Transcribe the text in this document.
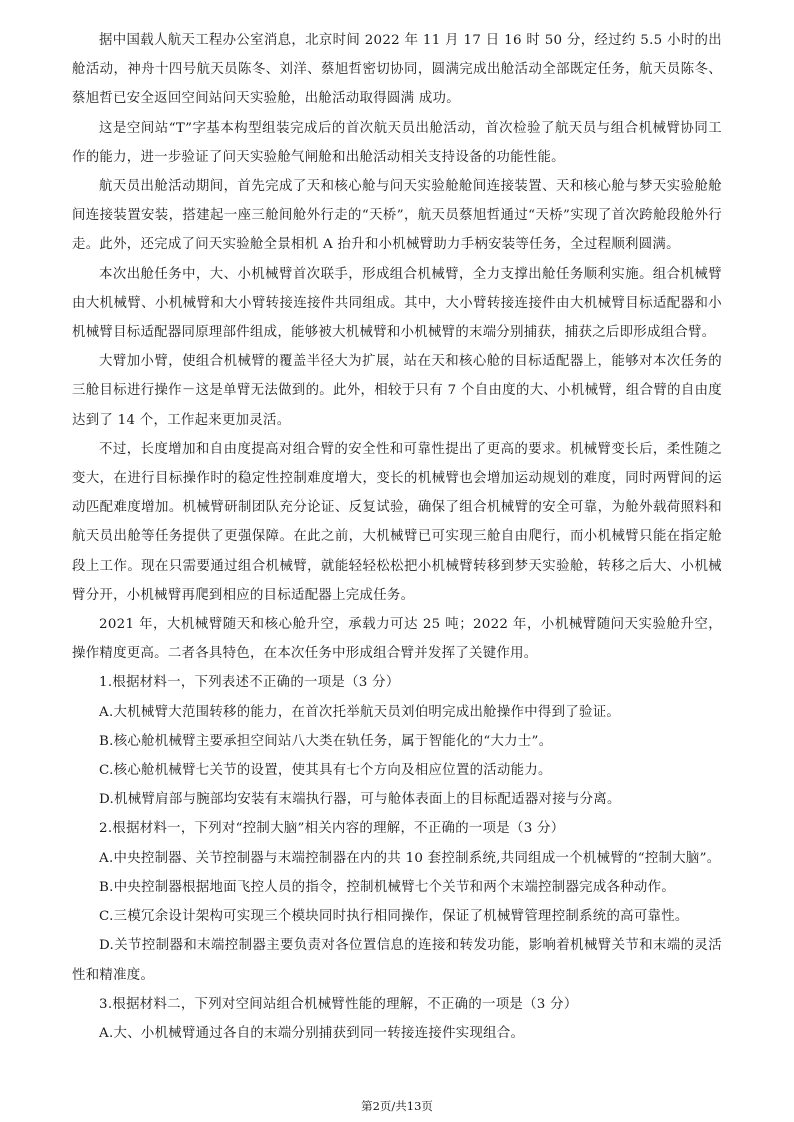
据中国载人航天工程办公室消息，北京时间 2022 年 11 月 17 日 16 时 50 分，经过约 5.5 小时的出舱活动，神舟十四号航天员陈冬、刘洋、蔡旭哲密切协同，圆满完成出舱活动全部既定任务，航天员陈冬、蔡旭哲已安全返回空间站问天实验舱，出舱活动取得圆满 成功。

这是空间站“T”字基本构型组装完成后的首次航天员出舱活动，首次检验了航天员与组合机械臂协同工作的能力，进一步验证了问天实验舱气闸舱和出舱活动相关支持设备的功能性能。

航天员出舱活动期间，首先完成了天和核心舱与问天实验舱舱间连接装置、天和核心舱与梦天实验舱舱间连接装置安装，搭建起一座三舱间舱外行走的“天桥”，航天员蔡旭哲通过“天桥”实现了首次跨舱段舱外行走。此外，还完成了问天实验舱全景相机 A 抬升和小机械臂助力手柄安装等任务，全过程顺利圆满。

本次出舱任务中，大、小机械臂首次联手，形成组合机械臂，全力支撑出舱任务顺利实施。组合机械臂由大机械臂、小机械臂和大小臂转接连接件共同组成。其中，大小臂转接连接件由大机械臂目标适配器和小机械臂目标适配器同原理部件组成，能够被大机械臂和小机械臂的末端分别捕获，捕获之后即形成组合臂。

大臂加小臂，使组合机械臂的覆盖半径大为扩展，站在天和核心舱的目标适配器上，能够对本次任务的三舱目标进行操作－这是单臂无法做到的。此外，相较于只有 7 个自由度的大、小机械臂，组合臂的自由度达到了 14 个，工作起来更加灵活。

不过，长度增加和自由度提高对组合臂的安全性和可靠性提出了更高的要求。机械臂变长后，柔性随之变大，在进行目标操作时的稳定性控制难度增大，变长的机械臂也会增加运动规划的难度，同时两臂间的运动匹配难度增加。机械臂研制团队充分论证、反复试验，确保了组合机械臂的安全可靠，为舱外载荷照料和航天员出舱等任务提供了更强保障。在此之前，大机械臂已可实现三舱自由爬行，而小机械臂只能在指定舱段上工作。现在只需要通过组合机械臂，就能轻轻松松把小机械臂转移到梦天实验舱，转移之后大、小机械臂分开，小机械臂再爬到相应的目标适配器上完成任务。

2021 年，大机械臂随天和核心舱升空，承载力可达 25 吨；2022 年，小机械臂随问天实验舱升空，操作精度更高。二者各具特色，在本次任务中形成组合臂并发挥了关键作用。

1.根据材料一，下列表述不正确的一项是（3 分）

A.大机械臂大范围转移的能力，在首次托举航天员刘伯明完成出舱操作中得到了验证。

B.核心舱机械臂主要承担空间站八大类在轨任务，属于智能化的“大力士”。

C.核心舱机械臂七关节的设置，使其具有七个方向及相应位置的活动能力。

D.机械臂肩部与腕部均安装有末端执行器，可与舱体表面上的目标配适器对接与分离。

2.根据材料一，下列对“控制大脑”相关内容的理解，不正确的一项是（3 分）

A.中央控制器、关节控制器与末端控制器在内的共 10 套控制系统,共同组成一个机械臂的“控制大脑”。

B.中央控制器根据地面飞控人员的指令，控制机械臂七个关节和两个末端控制器完成各种动作。

C.三模冗余设计架构可实现三个模块同时执行相同操作，保证了机械臂管理控制系统的高可靠性。

D.关节控制器和末端控制器主要负责对各位置信息的连接和转发功能，影响着机械臂关节和末端的灵活性和精准度。

3.根据材料二，下列对空间站组合机械臂性能的理解，不正确的一项是（3 分）

A.大、小机械臂通过各自的末端分别捕获到同一转接连接件实现组合。

第2页/共13页
